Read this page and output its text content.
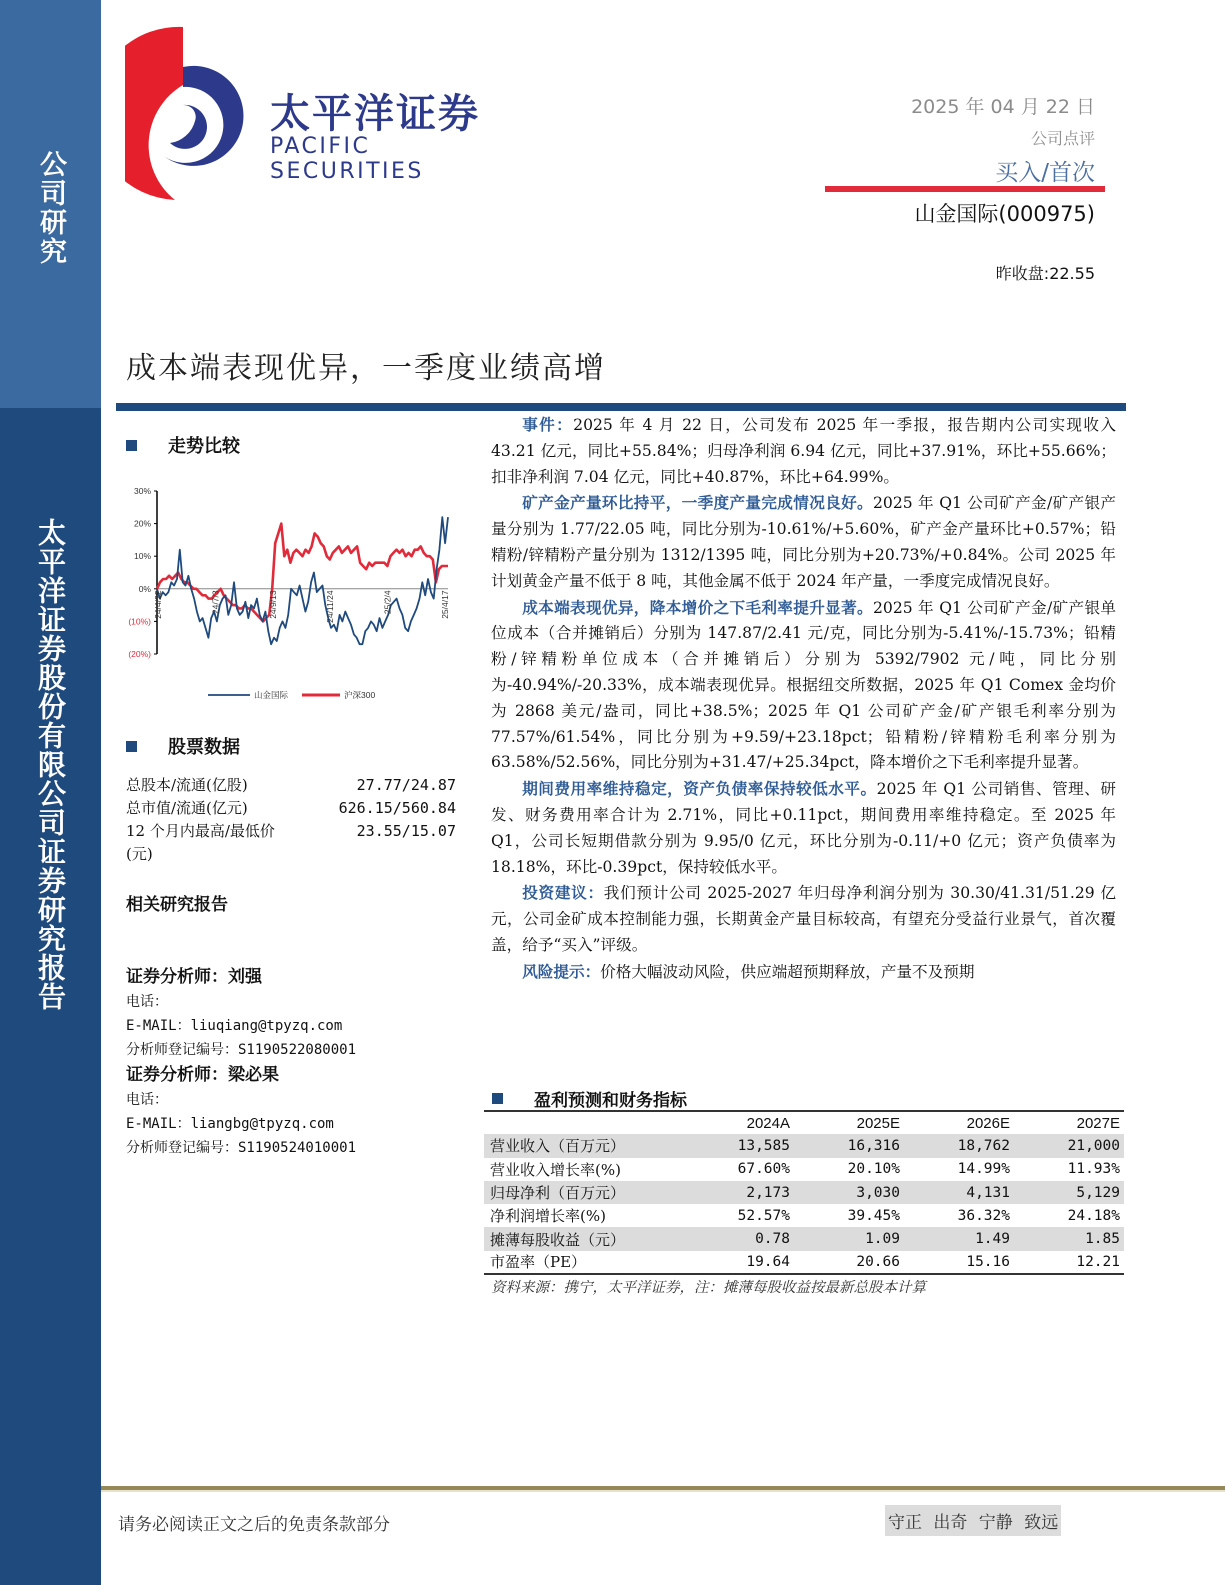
公司研究
太平洋证券股份有限公司证券研究报告
太平洋证券
PACIFIC SECURITIES
2025 年 04 月 22 日
公司点评
买入/首次
山金国际(000975)
昨收盘:22.55
成本端表现优异，一季度业绩高增
走势比较
30%
20%
10%
0%
(10%)
(20%)
24/4/22	24/7/3	24/9/13	24/11/24	25/2/4	25/4/17
山金国际	沪深300
股票数据
总股本/流通(亿股)	27.77/24.87
总市值/流通(亿元)	626.15/560.84
12 个月内最高/最低价	23.55/15.07
(元)
相关研究报告
证券分析师：刘强
电话：
E-MAIL：liuqiang@tpyzq.com
分析师登记编号：S1190522080001
证券分析师：梁必果
电话：
E-MAIL：liangbg@tpyzq.com
分析师登记编号：S1190524010001

事件：2025 年 4 月 22 日，公司发布 2025 年一季报，报告期内公司实现收入 43.21 亿元，同比+55.84%；归母净利润 6.94 亿元，同比+37.91%，环比+55.66%；扣非净利润 7.04 亿元，同比+40.87%，环比+64.99%。

矿产金产量环比持平，一季度产量完成情况良好。2025 年 Q1 公司矿产金/矿产银产量分别为 1.77/22.05 吨，同比分别为-10.61%/+5.60%，矿产金产量环比+0.57%；铅精粉/锌精粉产量分别为 1312/1395 吨，同比分别为+20.73%/+0.84%。公司 2025 年计划黄金产量不低于 8 吨，其他金属不低于 2024 年产量，一季度完成情况良好。

成本端表现优异，降本增价之下毛利率提升显著。2025 年 Q1 公司矿产金/矿产银单位成本（合并摊销后）分别为 147.87/2.41 元/克，同比分别为-5.41%/-15.73%；铅精粉/锌精粉单位成本（合并摊销后）分别为 5392/7902 元/吨，同比分别为-40.94%/-20.33%，成本端表现优异。根据纽交所数据，2025 年 Q1 Comex 金均价为 2868 美元/盎司，同比+38.5%；2025 年 Q1 公司矿产金/矿产银毛利率分别为 77.57%/61.54%，同比分别为+9.59/+23.18pct；铅精粉/锌精粉毛利率分别为 63.58%/52.56%，同比分别为+31.47/+25.34pct，降本增价之下毛利率提升显著。

期间费用率维持稳定，资产负债率保持较低水平。2025 年 Q1 公司销售、管理、研发、财务费用率合计为 2.71%，同比+0.11pct，期间费用率维持稳定。至 2025 年 Q1，公司长短期借款分别为 9.95/0 亿元，环比分别为-0.11/+0 亿元；资产负债率为 18.18%，环比-0.39pct，保持较低水平。

投资建议：我们预计公司 2025-2027 年归母净利润分别为 30.30/41.31/51.29 亿元，公司金矿成本控制能力强，长期黄金产量目标较高，有望充分受益行业景气，首次覆盖，给予“买入”评级。

风险提示：价格大幅波动风险，供应端超预期释放，产量不及预期

盈利预测和财务指标
	2024A	2025E	2026E	2027E
营业收入（百万元）	13,585	16,316	18,762	21,000
营业收入增长率(%)	67.60%	20.10%	14.99%	11.93%
归母净利（百万元）	2,173	3,030	4,131	5,129
净利润增长率(%)	52.57%	39.45%	36.32%	24.18%
摊薄每股收益（元）	0.78	1.09	1.49	1.85
市盈率（PE）	19.64	20.66	15.16	12.21
资料来源：携宁，太平洋证券，注：摊薄每股收益按最新总股本计算
请务必阅读正文之后的免责条款部分	守正 出奇 宁静 致远
